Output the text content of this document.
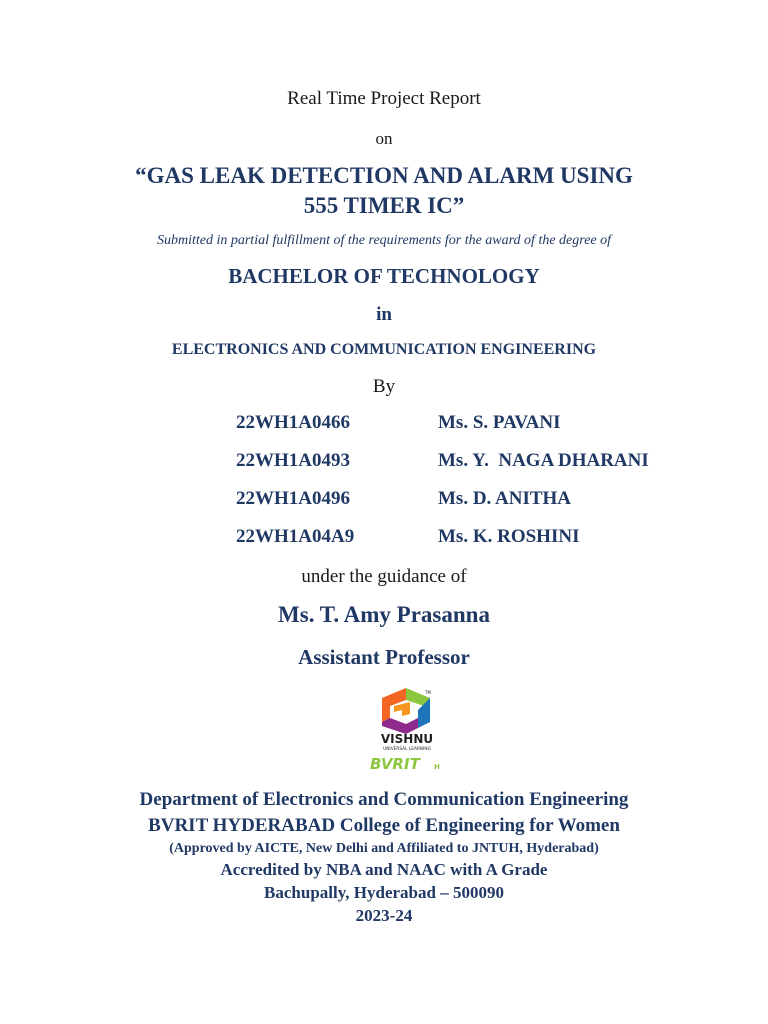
Real Time Project Report
on
“GAS LEAK DETECTION AND ALARM USING
555 TIMER IC”
Submitted in partial fulfillment of the requirements for the award of the degree of
BACHELOR OF TECHNOLOGY
in
ELECTRONICS AND COMMUNICATION ENGINEERING
By
22WH1A0466	Ms. S. PAVANI
22WH1A0493	Ms. Y.  NAGA DHARANI
22WH1A0496	Ms. D. ANITHA
22WH1A04A9	Ms. K. ROSHINI
under the guidance of
Ms. T. Amy Prasanna
Assistant Professor
TM
VISHNU
UNIVERSAL LEARNING
BVRIT H
Department of Electronics and Communication Engineering
BVRIT HYDERABAD College of Engineering for Women
(Approved by AICTE, New Delhi and Affiliated to JNTUH, Hyderabad)
Accredited by NBA and NAAC with A Grade
Bachupally, Hyderabad – 500090
2023-24
